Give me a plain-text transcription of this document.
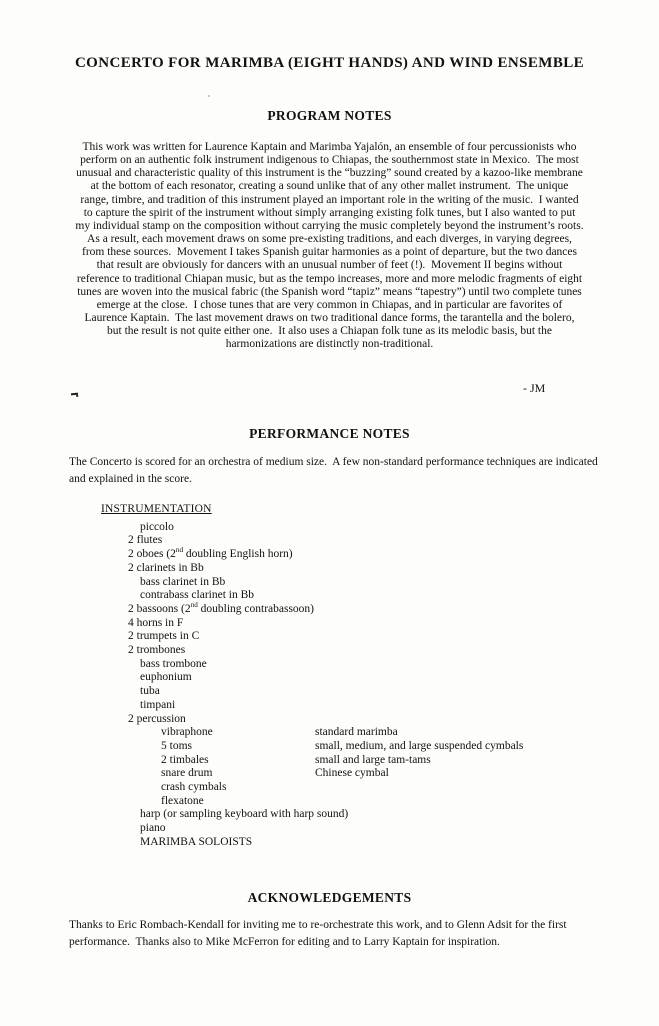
CONCERTO FOR MARIMBA (EIGHT HANDS) AND WIND ENSEMBLE
PROGRAM NOTES
This work was written for Laurence Kaptain and Marimba Yajalón, an ensemble of four percussionists who
perform on an authentic folk instrument indigenous to Chiapas, the southernmost state in Mexico.  The most
unusual and characteristic quality of this instrument is the “buzzing” sound created by a kazoo-like membrane
at the bottom of each resonator, creating a sound unlike that of any other mallet instrument.  The unique
range, timbre, and tradition of this instrument played an important role in the writing of the music.  I wanted
to capture the spirit of the instrument without simply arranging existing folk tunes, but I also wanted to put
my individual stamp on the composition without carrying the music completely beyond the instrument’s roots.
As a result, each movement draws on some pre-existing traditions, and each diverges, in varying degrees,
from these sources.  Movement I takes Spanish guitar harmonies as a point of departure, but the two dances
that result are obviously for dancers with an unusual number of feet (!).  Movement II begins without
reference to traditional Chiapan music, but as the tempo increases, more and more melodic fragments of eight
tunes are woven into the musical fabric (the Spanish word “tapiz” means “tapestry”) until two complete tunes
emerge at the close.  I chose tunes that are very common in Chiapas, and in particular are favorites of
Laurence Kaptain.  The last movement draws on two traditional dance forms, the tarantella and the bolero,
but the result is not quite either one.  It also uses a Chiapan folk tune as its melodic basis, but the
harmonizations are distinctly non-traditional.
- JM
PERFORMANCE NOTES
The Concerto is scored for an orchestra of medium size.  A few non-standard performance techniques are indicated and explained in the score.
INSTRUMENTATION
piccolo
2 flutes
2 oboes (2nd doubling English horn)
2 clarinets in Bb
bass clarinet in Bb
contrabass clarinet in Bb
2 bassoons (2nd doubling contrabassoon)
4 horns in F
2 trumpets in C
2 trombones
bass trombone
euphonium
tuba
timpani
2 percussion
vibraphone	standard marimba
5 toms	small, medium, and large suspended cymbals
2 timbales	small and large tam-tams
snare drum	Chinese cymbal
crash cymbals
flexatone
harp (or sampling keyboard with harp sound)
piano
MARIMBA SOLOISTS
ACKNOWLEDGEMENTS
Thanks to Eric Rombach-Kendall for inviting me to re-orchestrate this work, and to Glenn Adsit for the first performance.  Thanks also to Mike McFerron for editing and to Larry Kaptain for inspiration.
